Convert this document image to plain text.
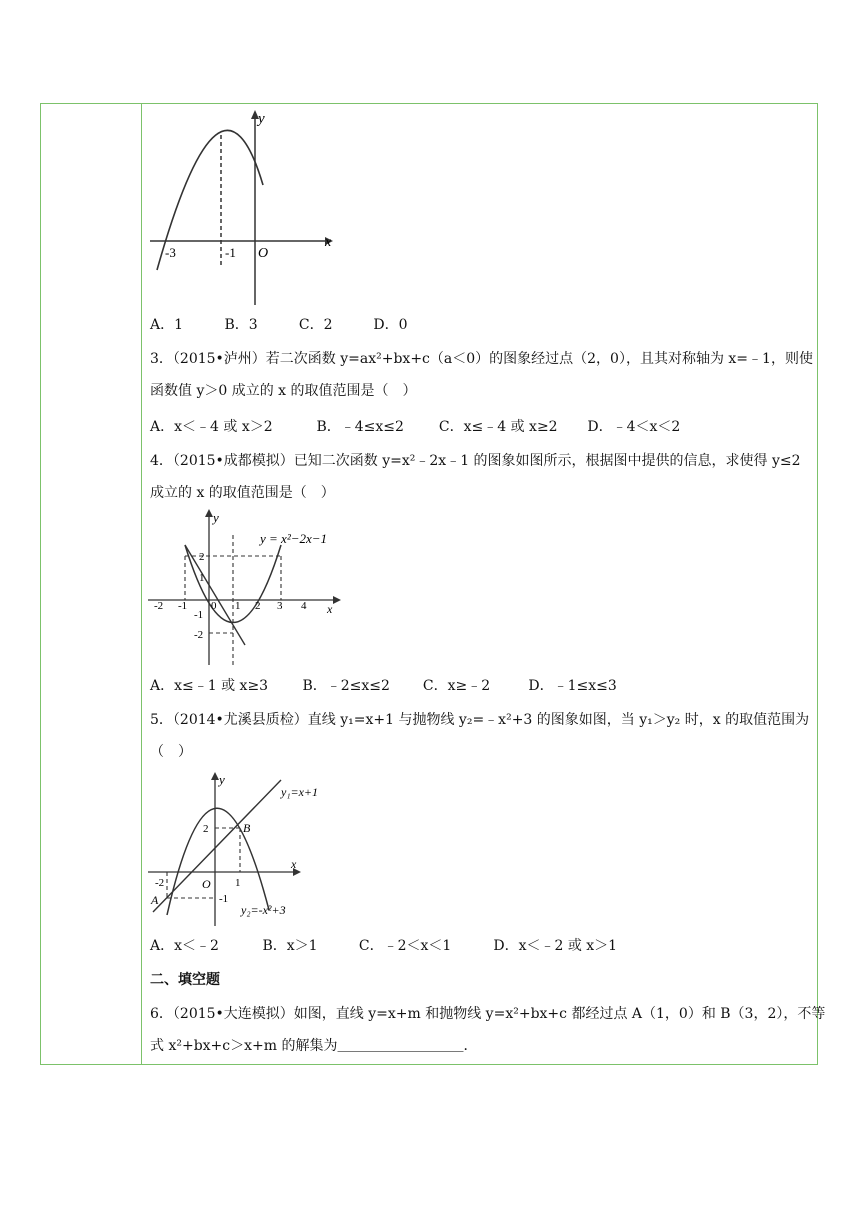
y
x
O
-3	-1
A．1	B．3	C．2	D．0
3．（2015•泸州）若二次函数 y=ax²+bx+c（a＜0）的图象经过点（2，0），且其对称轴为 x=﹣1，则使
函数值 y＞0 成立的 x 的取值范围是（　）
A．x＜﹣4 或 x＞2	B．﹣4≤x≤2 C．x≤﹣4 或 x≥2 D．﹣4＜x＜2
4．（2015•成都模拟）已知二次函数 y=x²﹣2x﹣1 的图象如图所示，根据图中提供的信息，求使得 y≤2
成立的 x 的取值范围是（　）
y = x²−2x−1
y
x
-2 -1 0 1 2 3 4
2
1
-1
-2
A．x≤﹣1 或 x≥3 B．﹣2≤x≤2 C．x≥﹣2	D．﹣1≤x≤3
5．（2014•尤溪县质检）直线 y₁=x+1 与抛物线 y₂=﹣x²+3 的图象如图，当 y₁＞y₂ 时，x 的取值范围为
（　）
y
x
y₁=x+1
y₂=-x²+3
O
A
B
2
-2	1
-1
A．x＜﹣2	B．x＞1	C．﹣2＜x＜1	D．x＜﹣2 或 x＞1
二、填空题
6．（2015•大连模拟）如图，直线 y=x+m 和抛物线 y=x²+bx+c 都经过点 A（1，0）和 B（3，2），不等
式 x²+bx+c＞x+m 的解集为＿＿＿＿＿＿＿＿＿．
